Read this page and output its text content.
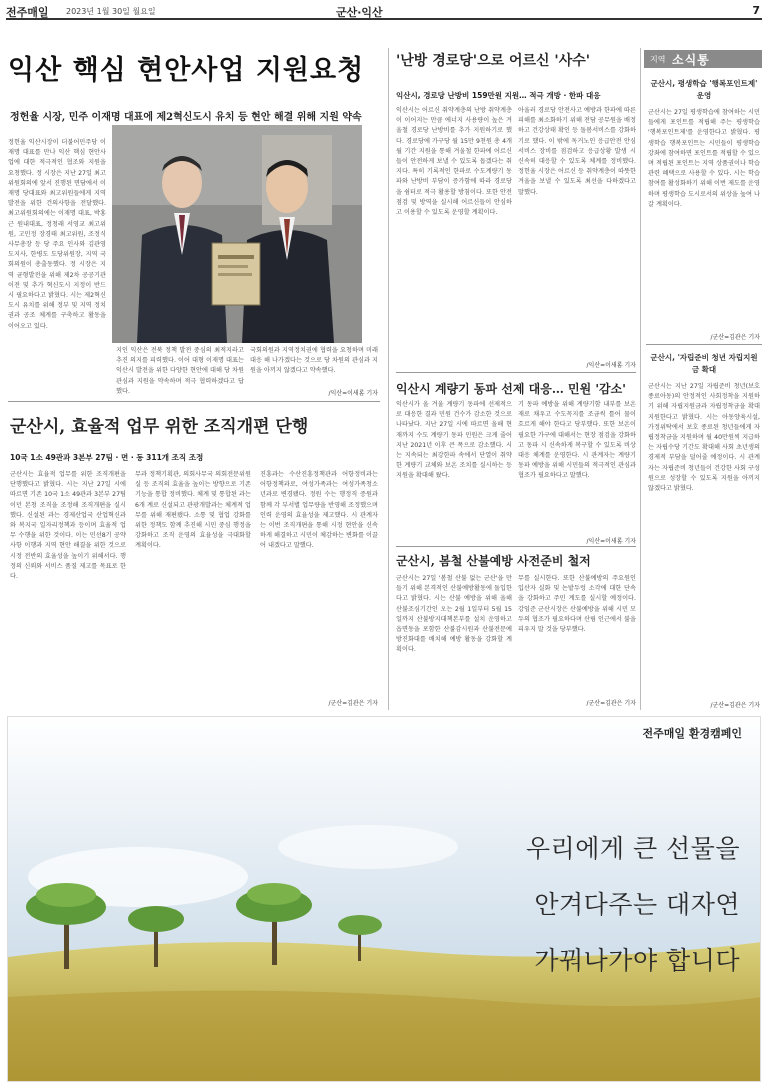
전주매일 2023년 1월 30일 월요일	군산·익산	7
익산 핵심 현안사업 지원요청
정헌율 시장, 민주 이재명 대표에 제2혁신도시 유치 등 현안 해결 위해 지원 약속
정헌율 익산시장이 더불어민주당 이재명 대표를 만나 익산 핵심 현안사업에 대한 적극적인 협조와 지원을 요청했다. 정 시장은 지난 27일 최고위원회의에 앞서 진행된 면담에서 이재명 당대표와 최고위원들에게 지역 발전을 위한 건의사항을 전달했다. 최고위원회의에는 이재명 대표, 박홍근 원내대표, 정청래 서영교 최고위원, 고민정 장경태 최고위원, 조정식 사무총장 등 당 주요 인사와 김관영 도지사, 한병도 도당위원장, 지역 국회의원이 총출동했다. 정 시장은 지역 균형발전을 위해 제2차 공공기관 이전 및 추가 혁신도시 지정이 반드시 필요하다고 밝혔다. 시는 제2혁신도시 유치를 위해 정부 및 지역 정치권과 공조 체계를 구축하고 활동을 이어오고 있다.
지인 익산은 전북 정책 발전 중심의 최적지라고 추진 의지를 피력했다. 이어 대형 이재명 대표는 익산시 발전을 위한 다양한 현안에 대해 당 차원 관심과 지원을 약속하며 적극 협력하겠다고 답했다.
국회의원과 지역정치권에 협력을 요청하며 미래 대응 해 나가겠다는 것으로 당 차원의 관심과 지원을 아끼지 않겠다고 약속했다.
/익산=이새롬 기자
군산시, 효율적 업무 위한 조직개편 단행
10국 1소 49관과 3본부 27팀 · 면 · 동 311개 조직 조정
군산시는 효율적 업무를 위한 조직개편을 단행했다고 밝혔다. 시는 지난 27일 시에 따르면 기존 10국 1소 49관과 3본부 27팀이던 본청 조직을 조정해 조직개편을 실시했다. 신설된 과는 경제산업국 산업혁신과와 복지국 일자리정책과 등이며 효율적 업무 수행을 위한 것이다. 이는 민선8기 공약사항 이행과 지역 현안 해결을 위한 것으로 시정 전반의 효율성을 높이기 위해서다. 행정의 신뢰와 서비스 품질 제고를 목표로 한다.
무과 정책기획관, 의회사무국 의회전문위원실 등 조직의 효율을 높이는 방향으로 기존 기능을 통합 정비했다. 체계 및 통합된 과는 6개 계로 신설되고 관광개발과는 체계적 업무를 위해 재편됐다. 소통 및 협업 강화를 위한 정책도 함께 추진해 시민 중심 행정을 강화하고 조직 운영의 효율성을 극대화할 계획이다.
진흥과는 수산진흥정책관과 어항정비과는 어항정책과로, 여성가족과는 여성가족청소년과로 변경됐다. 정원 수는 행정직 증원과 함께 각 부서별 업무량을 반영해 조정했으며 인력 운영의 효율성을 제고했다. 시 관계자는 이번 조직개편을 통해 시정 현안을 신속하게 해결하고 시민이 체감하는 변화를 이끌어 내겠다고 말했다.
/군산=김관은 기자
'난방 경로당'으로 어르신 '사수'
익산시, 경로당 난방비 159만원 지원… 적극 개방 · 한파 대응
익산시는 어르신 취약계층의 난방 취약계층이 이어지는 만큼 에너지 사용량이 높은 겨울철 경로당 난방비를 추가 지원하기로 했다. 경로당에 가구당 월 15만 9천원 총 4개월 기간 지원을 통해 겨울철 한파에 어르신들이 안전하게 보낼 수 있도록 돕겠다는 취지다. 특히 기록적인 한파로 수도계량기 동파와 난방비 부담이 증가함에 따라 경로당을 쉼터로 적극 활용할 방침이다. 또한 안전점검 및 방역을 실시해 어르신들이 안심하고 이용할 수 있도록 운영할 계획이다.
아울러 경로당 안전사고 예방과 한파에 따른 피해를 최소화하기 위해 전담 공무원을 배정하고 건강상태 확인 등 돌봄서비스를 강화하기로 했다. 이 밖에 독거노인 응급안전 안심서비스 장비를 점검하고 응급상황 발생 시 신속히 대응할 수 있도록 체계를 정비했다. 정헌율 시장은 어르신 등 취약계층이 따뜻한 겨울을 보낼 수 있도록 최선을 다하겠다고 말했다.
/익산=이새롬 기자
익산시 계량기 동파 선제 대응… 민원 '감소'
익산시가 올 겨울 계량기 동파에 선제적으로 대응한 결과 민원 건수가 감소한 것으로 나타났다. 지난 27일 시에 따르면 올해 현재까지 수도 계량기 동파 민원은 크게 줄어 지난 2021년 이후 큰 폭으로 감소했다. 시는 지속되는 최강한파 속에서 단열이 취약한 계량기 교체와 보온 조치를 실시하는 등 지원을 확대해 왔다.
기 동파 예방을 위해 계량기함 내부를 보온재로 채우고 수도꼭지를 조금씩 틀어 물이 흐르게 해야 한다고 당부했다. 또한 보온이 필요한 가구에 대해서는 현장 점검을 강화하고 동파 시 신속하게 복구할 수 있도록 비상 대응 체계를 운영한다. 시 관계자는 계량기 동파 예방을 위해 시민들의 적극적인 관심과 협조가 필요하다고 말했다.
/익산=이새롬 기자
군산시, 봄철 산불예방 사전준비 철저
군산시는 27일 '봄철 산불 없는 군산'을 만들기 위해 본격적인 산불예방활동에 돌입한다고 밝혔다. 시는 산불 예방을 위해 올해 산불조심기간인 오는 2월 1일부터 5월 15일까지 산불방지대책본부를 설치 운영하고 읍면동을 포함한 산불감시원과 산불전문예방진화대를 배치해 예방 활동을 강화할 계획이다.
무를 실시한다. 또한 산불예방의 주요원인 입산자 실화 및 논밭두렁 소각에 대한 단속을 강화하고 주민 계도를 실시할 예정이다. 강임준 군산시장은 산불예방을 위해 시민 모두의 협조가 필요하다며 산림 인근에서 불을 피우지 말 것을 당부했다.
/군산=김관은 기자
지역 소식통
군산시, 평생학습 '행복포인트제' 운영
군산시는 27일 평생학습에 참여하는 시민들에게 포인트를 적립해 주는 평생학습 '행복포인트제'를 운영한다고 밝혔다. 평생학습 행복포인트는 시민들이 평생학습 강좌에 참여하면 포인트를 적립할 수 있으며 적립된 포인트는 지역 상품권이나 학습 관련 혜택으로 사용할 수 있다. 시는 학습 참여를 활성화하기 위해 이번 제도를 운영하며 평생학습 도시로서의 위상을 높여 나갈 계획이다.
/군산=김관은 기자
군산시, '자립준비 청년 자립지원금 확대
군산시는 지난 27일 자립준비 청년(보호종료아동)의 안정적인 사회정착을 지원하기 위해 자립지원금과 자립정착금을 확대 지원한다고 밝혔다. 시는 아동양육시설, 가정위탁에서 보호 종료된 청년들에게 자립정착금을 지원하며 월 40만원씩 지급하는 자립수당 기간도 확대해 사회 초년생의 경제적 부담을 덜어줄 예정이다. 시 관계자는 자립준비 청년들이 건강한 사회 구성원으로 성장할 수 있도록 지원을 아끼지 않겠다고 밝혔다.
/군산=김관은 기자
전주매일 환경캠페인
우리에게 큰 선물을
안겨다주는 대자연
가꿔나가야 합니다
